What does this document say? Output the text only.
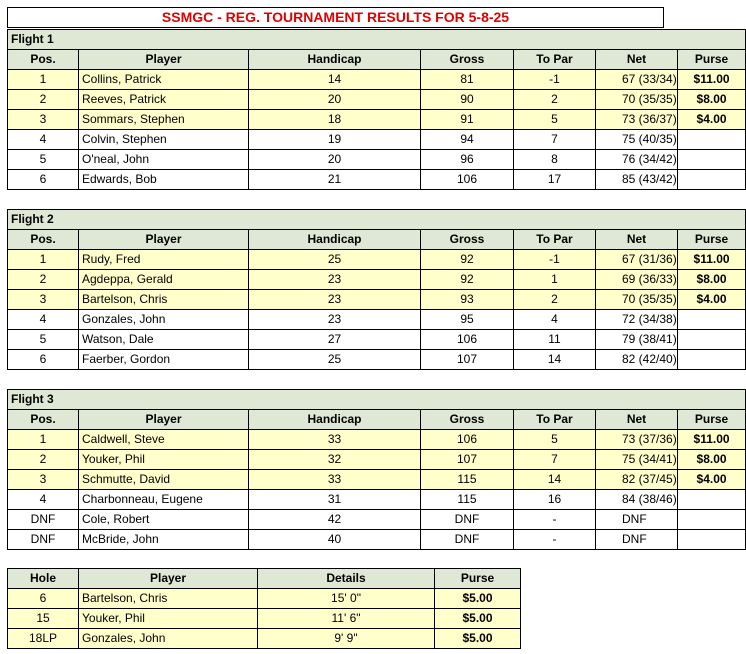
SSMGC - REG. TOURNAMENT RESULTS FOR 5-8-25
Flight 1						
Pos.	Player	Handicap	Gross	To Par	Net	Purse
1	Collins, Patrick	14	81	-1	67 (33/34)	$11.00
2	Reeves, Patrick	20	90	2	70 (35/35)	$8.00
3	Sommars, Stephen	18	91	5	73 (36/37)	$4.00
4	Colvin, Stephen	19	94	7	75 (40/35)	
5	O'neal, John	20	96	8	76 (34/42)	
6	Edwards, Bob	21	106	17	85 (43/42)	
Flight 2						
Pos.	Player	Handicap	Gross	To Par	Net	Purse
1	Rudy, Fred	25	92	-1	67 (31/36)	$11.00
2	Agdeppa, Gerald	23	92	1	69 (36/33)	$8.00
3	Bartelson, Chris	23	93	2	70 (35/35)	$4.00
4	Gonzales, John	23	95	4	72 (34/38)	
5	Watson, Dale	27	106	11	79 (38/41)	
6	Faerber, Gordon	25	107	14	82 (42/40)	
Flight 3						
Pos.	Player	Handicap	Gross	To Par	Net	Purse
1	Caldwell, Steve	33	106	5	73 (37/36)	$11.00
2	Youker, Phil	32	107	7	75 (34/41)	$8.00
3	Schmutte, David	33	115	14	82 (37/45)	$4.00
4	Charbonneau, Eugene	31	115	16	84 (38/46)	
DNF	Cole, Robert	42	DNF	-	DNF	
DNF	McBride, John	40	DNF	-	DNF	
Hole	Player	Details	Purse
6	Bartelson, Chris	15' 0"	$5.00
15	Youker, Phil	11' 6"	$5.00
18LP	Gonzales, John	9' 9"	$5.00
